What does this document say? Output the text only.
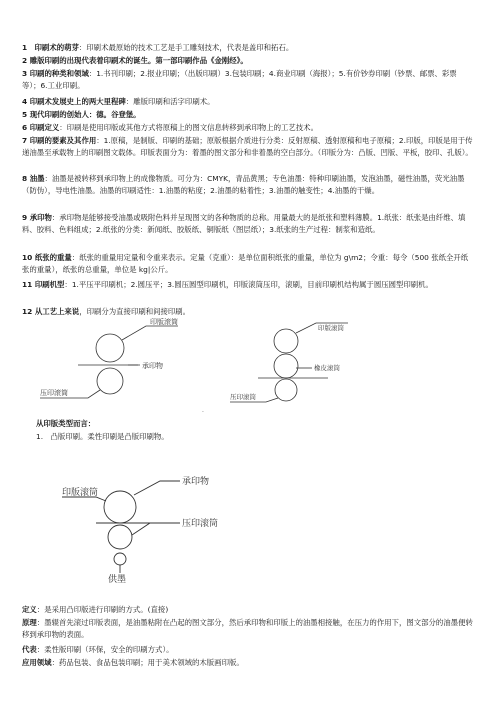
1　印刷术的萌芽：印刷术最原始的技术工艺是手工雕刻技术，代表是盖印和拓石。

2 雕版印刷的出现代表着印刷术的诞生。第一部印刷作品《金刚经》。

3 印刷的种类和领域：1.书刊印刷；2.报业印刷；（出版印刷）3.包装印刷；4.商业印刷（海报）；5.有价钞券印刷（钞票、邮票、彩票等）；6.工业印刷。

4 印刷术发展史上的两大里程碑：雕版印刷和活字印刷术。

5 现代印刷的创始人：德。谷登堡。

6 印刷定义：印刷是使用印版或其他方式将原稿上的图文信息转移到承印物上的工艺技术。

7 印刷的要素及其作用：1.原稿，是制版、印刷的基础；原版根据介质进行分类：反射原稿、透射原稿和电子原稿；2.印版，印版是用于传递油墨至承载物上的印刷图文载体。印版表面分为：着墨的图文部分和非着墨的空白部分。（印版分为：凸版、凹版、平板，胶印、孔版）。

8 油墨：油墨是被转移到承印物上的成像物质。可分为：CMYK，青品黄黑；专色油墨：特种印刷油墨，发泡油墨，磁性油墨，荧光油墨（防伪），导电性油墨。油墨的印刷适性：1.油墨的粘度；2.油墨的粘着性；3.油墨的触变性；4.油墨的干燥。

9 承印物：承印物是能够接受油墨或吸附色料并呈现图文的各种物质的总称。用量最大的是纸张和塑料薄膜。1.纸张：纸张是由纤维、填料、胶料、色料组成；2.纸张的分类：新闻纸、胶版纸、铜版纸（图层纸）；3.纸张的生产过程：制浆和造纸。

10 纸张的重量：纸张的重量用定量和令重来表示。定量（克重）：是单位面积纸张的重量，单位为 g\m2；令重：每令（500 张纸全开纸张的重量），纸张的总重量，单位是 kg|公斤。

11 印刷机型：1.平压平印刷机；2.圆压平；3.圆压圆型印刷机，印版滚筒压印，滚刷，目前印刷机结构属于圆压圆型印刷机。

12 从工艺上来说，印刷分为直接印刷和间接印刷。

印版滚筒
承印物
压印滚筒
印版滚筒
橡皮滚筒
压印滚筒
.

从印版类型而言：

1.　凸版印刷。柔性印刷是凸版印刷物。

承印物
印版滚筒
压印滚筒
供墨

定义：是采用凸印版进行印刷的方式。(直接)

原理：墨辊首先滚过印版表面，是油墨粘附在凸起的图文部分，然后承印物和印版上的油墨相接触，在压力的作用下，图文部分的油墨便转移到承印物的表面。

代表：柔性版印刷（环保，安全的印刷方式）。

应用领域：药品包装、食品包装印刷；用于美术领域的木版画印版。
